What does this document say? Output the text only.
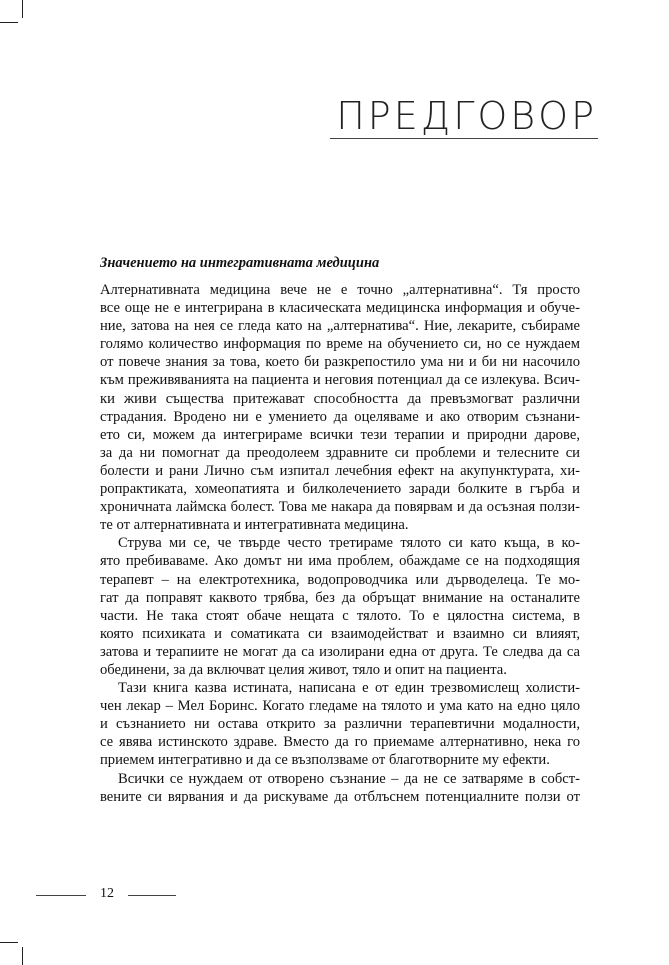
ПРЕДГОВОР
Значението на интегративната медицина
Алтернативната медицина вече не е точно „алтернативна“. Тя просто
все още не е интегрирана в класическата медицинска информация и обуче-
ние, затова на нея се гледа като на „алтернатива“. Ние, лекарите, събираме
голямо количество информация по време на обучението си, но се нуждаем
от повече знания за това, което би разкрепостило ума ни и би ни насочило
към преживяванията на пациента и неговия потенциал да се излекува. Всич-
ки живи същества притежават способността да превъзмогват различни
страдания. Вродено ни е умението да оцеляваме и ако отворим съзнани-
ето си, можем да интегрираме всички тези терапии и природни дарове,
за да ни помогнат да преодолеем здравните си проблеми и телесните си
болести и рани Лично съм изпитал лечебния ефект на акупунктурата, хи-
ропрактиката, хомеопатията и билколечението заради болките в гърба и
хроничната лаймска болест. Това ме накара да повярвам и да осъзная ползи-
те от алтернативната и интегративната медицина.
Струва ми се, че твърде често третираме тялото си като къща, в ко-
ято пребиваваме. Ако домът ни има проблем, обаждаме се на подходящия
терапевт – на електротехника, водопроводчика или дърводелеца. Те мо-
гат да поправят каквото трябва, без да обръщат внимание на останалите
части. Не така стоят обаче нещата с тялото. То е цялостна система, в
която психиката и соматиката си взаимодействат и взаимно си влияят,
затова и терапиите не могат да са изолирани една от друга. Те следва да са
обединени, за да включват целия живот, тяло и опит на пациента.
Тази книга казва истината, написана е от един трезвомислещ холисти-
чен лекар – Мел Боринс. Когато гледаме на тялото и ума като на едно цяло
и съзнанието ни остава открито за различни терапевтични модалности,
се явява истинското здраве. Вместо да го приемаме алтернативно, нека го
приемем интегративно и да се възползваме от благотворните му ефекти.
Всички се нуждаем от отворено съзнание – да не се затваряме в собст-
вените си вярвания и да рискуваме да отблъснем потенциалните ползи от
12
